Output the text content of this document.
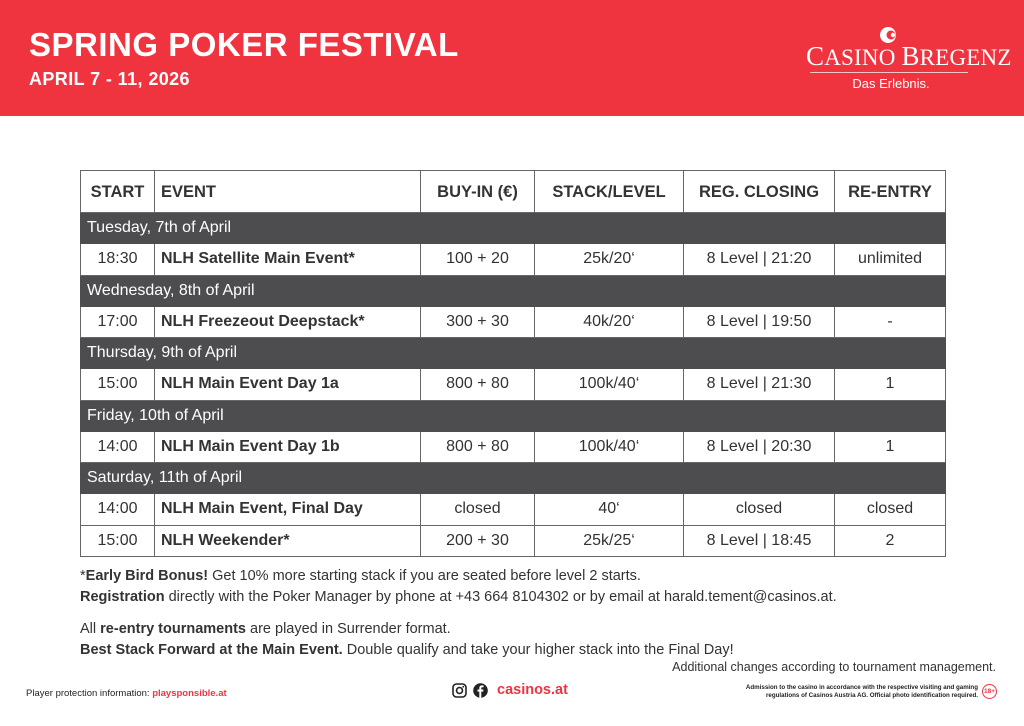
SPRING POKER FESTIVAL
APRIL 7 - 11, 2026
CASINO BREGENZ
Das Erlebnis.
START	EVENT	BUY-IN (€)	STACK/LEVEL	REG. CLOSING	RE-ENTRY
Tuesday, 7th of April					
18:30	NLH Satellite Main Event*	100 + 20	25k/20‘	8 Level | 21:20	unlimited
Wednesday, 8th of April					
17:00	NLH Freezeout Deepstack*	300 + 30	40k/20‘	8 Level | 19:50	-
Thursday, 9th of April					
15:00	NLH Main Event Day 1a	800 + 80	100k/40‘	8 Level | 21:30	1
Friday, 10th of April					
14:00	NLH Main Event Day 1b	800 + 80	100k/40‘	8 Level | 20:30	1
Saturday, 11th of April					
14:00	NLH Main Event, Final Day	closed	40‘	closed	closed
15:00	NLH Weekender*	200 + 30	25k/25‘	8 Level | 18:45	2

*Early Bird Bonus! Get 10% more starting stack if you are seated before level 2 starts.

Registration directly with the Poker Manager by phone at +43 664 8104302 or by email at harald.tement@casinos.at.

All re-entry tournaments are played in Surrender format.

Best Stack Forward at the Main Event. Double qualify and take your higher stack into the Final Day!

Additional changes according to tournament management.
Player protection information: playsponsible.at	casinos.at	Admission to the casino in accordance with the respective visiting and gaming
regulations of Casinos Austria AG. Official photo identification required.
18+
